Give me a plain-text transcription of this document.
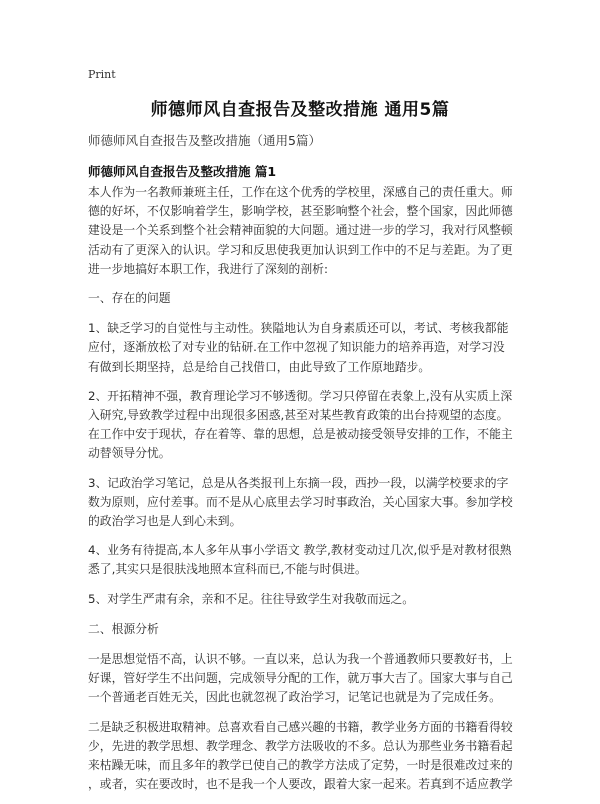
Print
师德师风自查报告及整改措施 通用5篇
师德师风自查报告及整改措施（通用5篇）
师德师风自查报告及整改措施 篇1
本人作为一名教师兼班主任，工作在这个优秀的学校里，深感自己的责任重大。师
德的好坏，不仅影响着学生，影响学校，甚至影响整个社会，整个国家，因此师德
建设是一个关系到整个社会精神面貌的大问题。通过进一步的学习，我对行风整顿
活动有了更深入的认识。学习和反思使我更加认识到工作中的不足与差距。为了更
进一步地搞好本职工作，我进行了深刻的剖析:
一、存在的问题
1、缺乏学习的自觉性与主动性。狭隘地认为自身素质还可以，考试、考核我都能
应付，逐渐放松了对专业的钻研.在工作中忽视了知识能力的培养再造，对学习没
有做到长期坚持，总是给自己找借口，由此导致了工作原地踏步。
2、开拓精神不强，教育理论学习不够透彻。学习只停留在表象上,没有从实质上深
入研究,导致教学过程中出现很多困惑,甚至对某些教育政策的出台持观望的态度。
在工作中安于现状，存在着等、靠的思想，总是被动接受领导安排的工作，不能主
动替领导分忧。
3、记政治学习笔记，总是从各类报刊上东摘一段，西抄一段，以满学校要求的字
数为原则，应付差事。而不是从心底里去学习时事政治，关心国家大事。参加学校
的政治学习也是人到心未到。
4、业务有待提高,本人多年从事小学语文 教学,教材变动过几次,似乎是对教材很熟
悉了,其实只是很肤浅地照本宣科而已,不能与时俱进。
5、对学生严肃有余，亲和不足。往往导致学生对我敬而远之。
二、根源分析
一是思想觉悟不高，认识不够。一直以来，总认为我一个普通教师只要教好书，上
好课，管好学生不出问题，完成领导分配的工作，就万事大吉了。国家大事与自己
一个普通老百姓无关，因此也就忽视了政治学习，记笔记也就是为了完成任务。
二是缺乏积极进取精神。总喜欢看自己感兴趣的书籍，教学业务方面的书籍看得较
少，先进的教学思想、教学理念、教学方法吸收的不多。总认为那些业务书籍看起
来枯躁无味，而且多年的教学已使自己的教学方法成了定势，一时是很难改过来的
，或者，实在要改时，也不是我一个人要改，跟着大家一起来。若真到不适应教学
